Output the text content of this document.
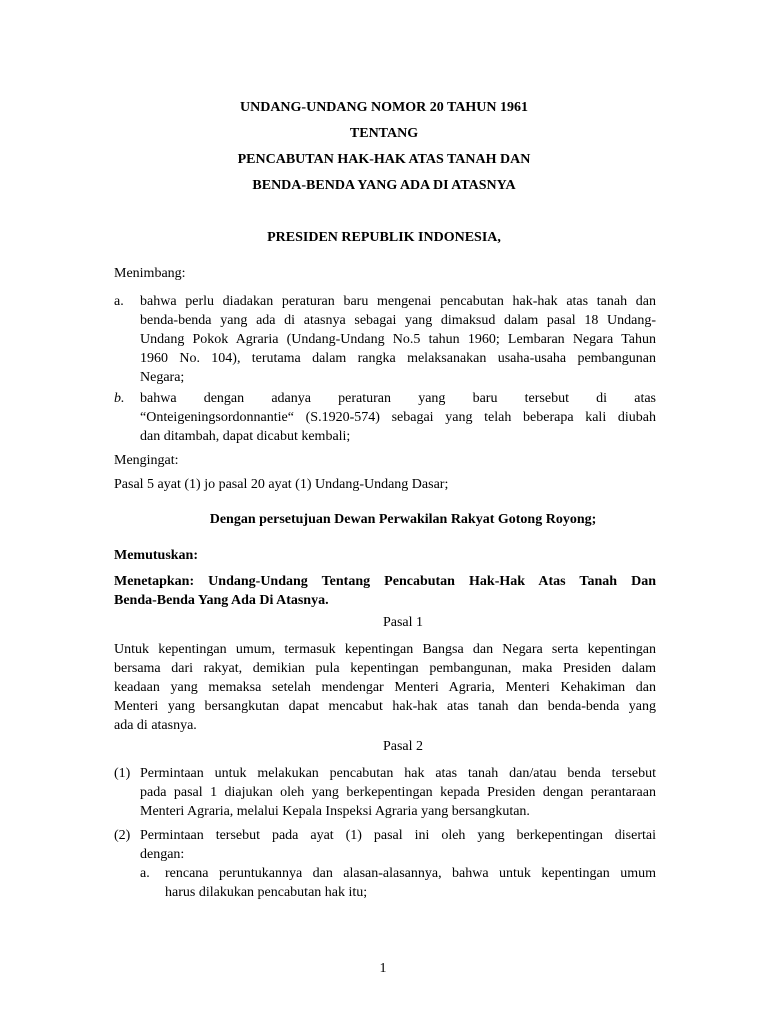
UNDANG-UNDANG NOMOR 20 TAHUN 1961
TENTANG
PENCABUTAN HAK-HAK ATAS TANAH DAN
BENDA-BENDA YANG ADA DI ATASNYA
PRESIDEN REPUBLIK INDONESIA,
Menimbang:
a. bahwa perlu diadakan peraturan baru mengenai pencabutan hak-hak atas tanah dan
benda-benda yang ada di atasnya sebagai yang dimaksud dalam pasal 18 Undang-
Undang Pokok Agraria (Undang-Undang No.5 tahun 1960; Lembaran Negara Tahun
1960 No. 104), terutama dalam rangka melaksanakan usaha-usaha pembangunan
Negara;
b. bahwa dengan adanya peraturan yang baru tersebut di atas
“Onteigeningsordonnantie“ (S.1920-574) sebagai yang telah beberapa kali diubah
dan ditambah, dapat dicabut kembali;
Mengingat:
Pasal 5 ayat (1) jo pasal 20 ayat (1) Undang-Undang Dasar;
Dengan persetujuan Dewan Perwakilan Rakyat Gotong Royong;
Memutuskan:
Menetapkan: Undang-Undang Tentang Pencabutan Hak-Hak Atas Tanah Dan
Benda-Benda Yang Ada Di Atasnya.
Pasal 1
Untuk kepentingan umum, termasuk kepentingan Bangsa dan Negara serta kepentingan
bersama dari rakyat, demikian pula kepentingan pembangunan, maka Presiden dalam
keadaan yang memaksa setelah mendengar Menteri Agraria, Menteri Kehakiman dan
Menteri yang bersangkutan dapat mencabut hak-hak atas tanah dan benda-benda yang
ada di atasnya.
Pasal 2
(1) Permintaan untuk melakukan pencabutan hak atas tanah dan/atau benda tersebut
pada pasal 1 diajukan oleh yang berkepentingan kepada Presiden dengan perantaraan
Menteri Agraria, melalui Kepala Inspeksi Agraria yang bersangkutan.
(2) Permintaan tersebut pada ayat (1) pasal ini oleh yang berkepentingan disertai
dengan:
a. rencana peruntukannya dan alasan-alasannya, bahwa untuk kepentingan umum
harus dilakukan pencabutan hak itu;
1
